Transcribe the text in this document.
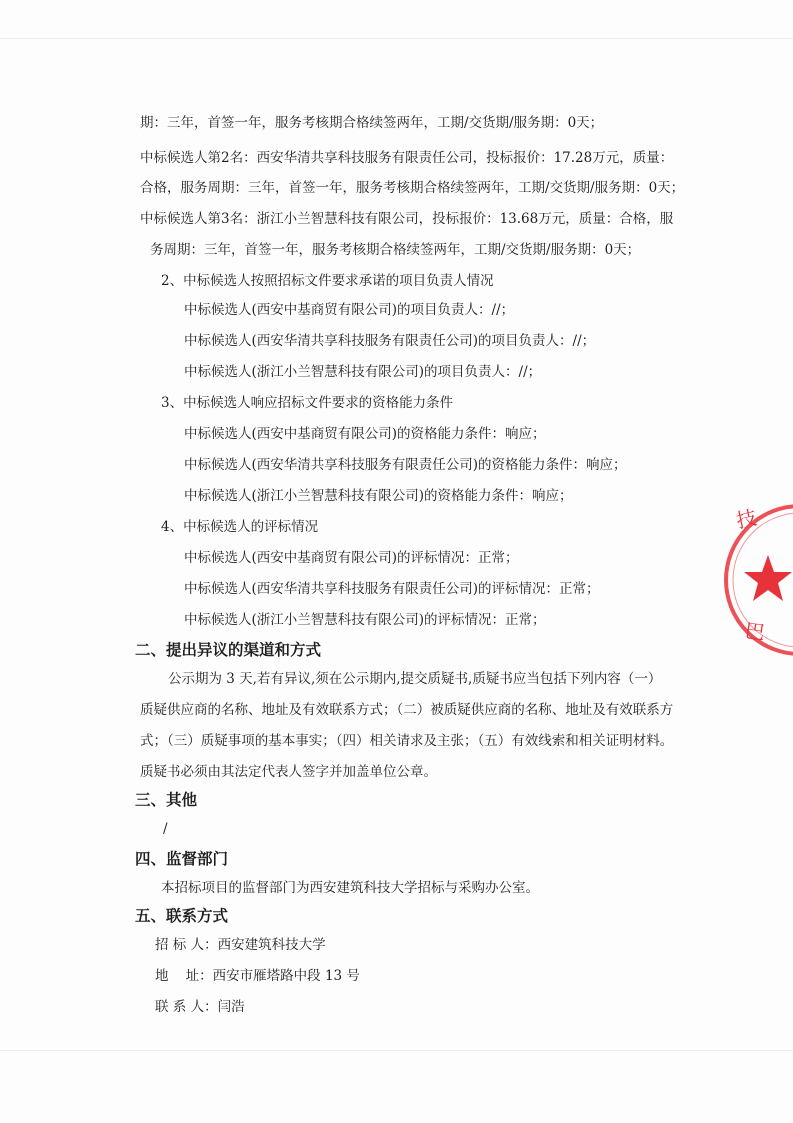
期：三年，首签一年，服务考核期合格续签两年，工期/交货期/服务期：0天；
中标候选人第2名：西安华清共享科技服务有限责任公司，投标报价：17.28万元，质量：
合格，服务周期：三年，首签一年，服务考核期合格续签两年，工期/交货期/服务期：0天；
中标候选人第3名：浙江小兰智慧科技有限公司，投标报价：13.68万元，质量：合格，服
务周期：三年，首签一年，服务考核期合格续签两年，工期/交货期/服务期：0天；
2、中标候选人按照招标文件要求承诺的项目负责人情况
中标候选人(西安中基商贸有限公司)的项目负责人：//；
中标候选人(西安华清共享科技服务有限责任公司)的项目负责人：//；
中标候选人(浙江小兰智慧科技有限公司)的项目负责人：//；
3、中标候选人响应招标文件要求的资格能力条件
中标候选人(西安中基商贸有限公司)的资格能力条件：响应；
中标候选人(西安华清共享科技服务有限责任公司)的资格能力条件：响应；
中标候选人(浙江小兰智慧科技有限公司)的资格能力条件：响应；
4、中标候选人的评标情况
中标候选人(西安中基商贸有限公司)的评标情况：正常；
中标候选人(西安华清共享科技服务有限责任公司)的评标情况：正常；
中标候选人(浙江小兰智慧科技有限公司)的评标情况：正常；
二、提出异议的渠道和方式
公示期为 3 天,若有异议,须在公示期内,提交质疑书,质疑书应当包括下列内容（一）
质疑供应商的名称、地址及有效联系方式；（二）被质疑供应商的名称、地址及有效联系方
式；（三）质疑事项的基本事实；（四）相关请求及主张；（五）有效线索和相关证明材料。
质疑书必须由其法定代表人签字并加盖单位公章。
三、其他
/
四、监督部门
本招标项目的监督部门为西安建筑科技大学招标与采购办公室。
五、联系方式
招 标 人：西安建筑科技大学
地    址：西安市雁塔路中段 13 号
联 系 人：闫浩
技
巴
